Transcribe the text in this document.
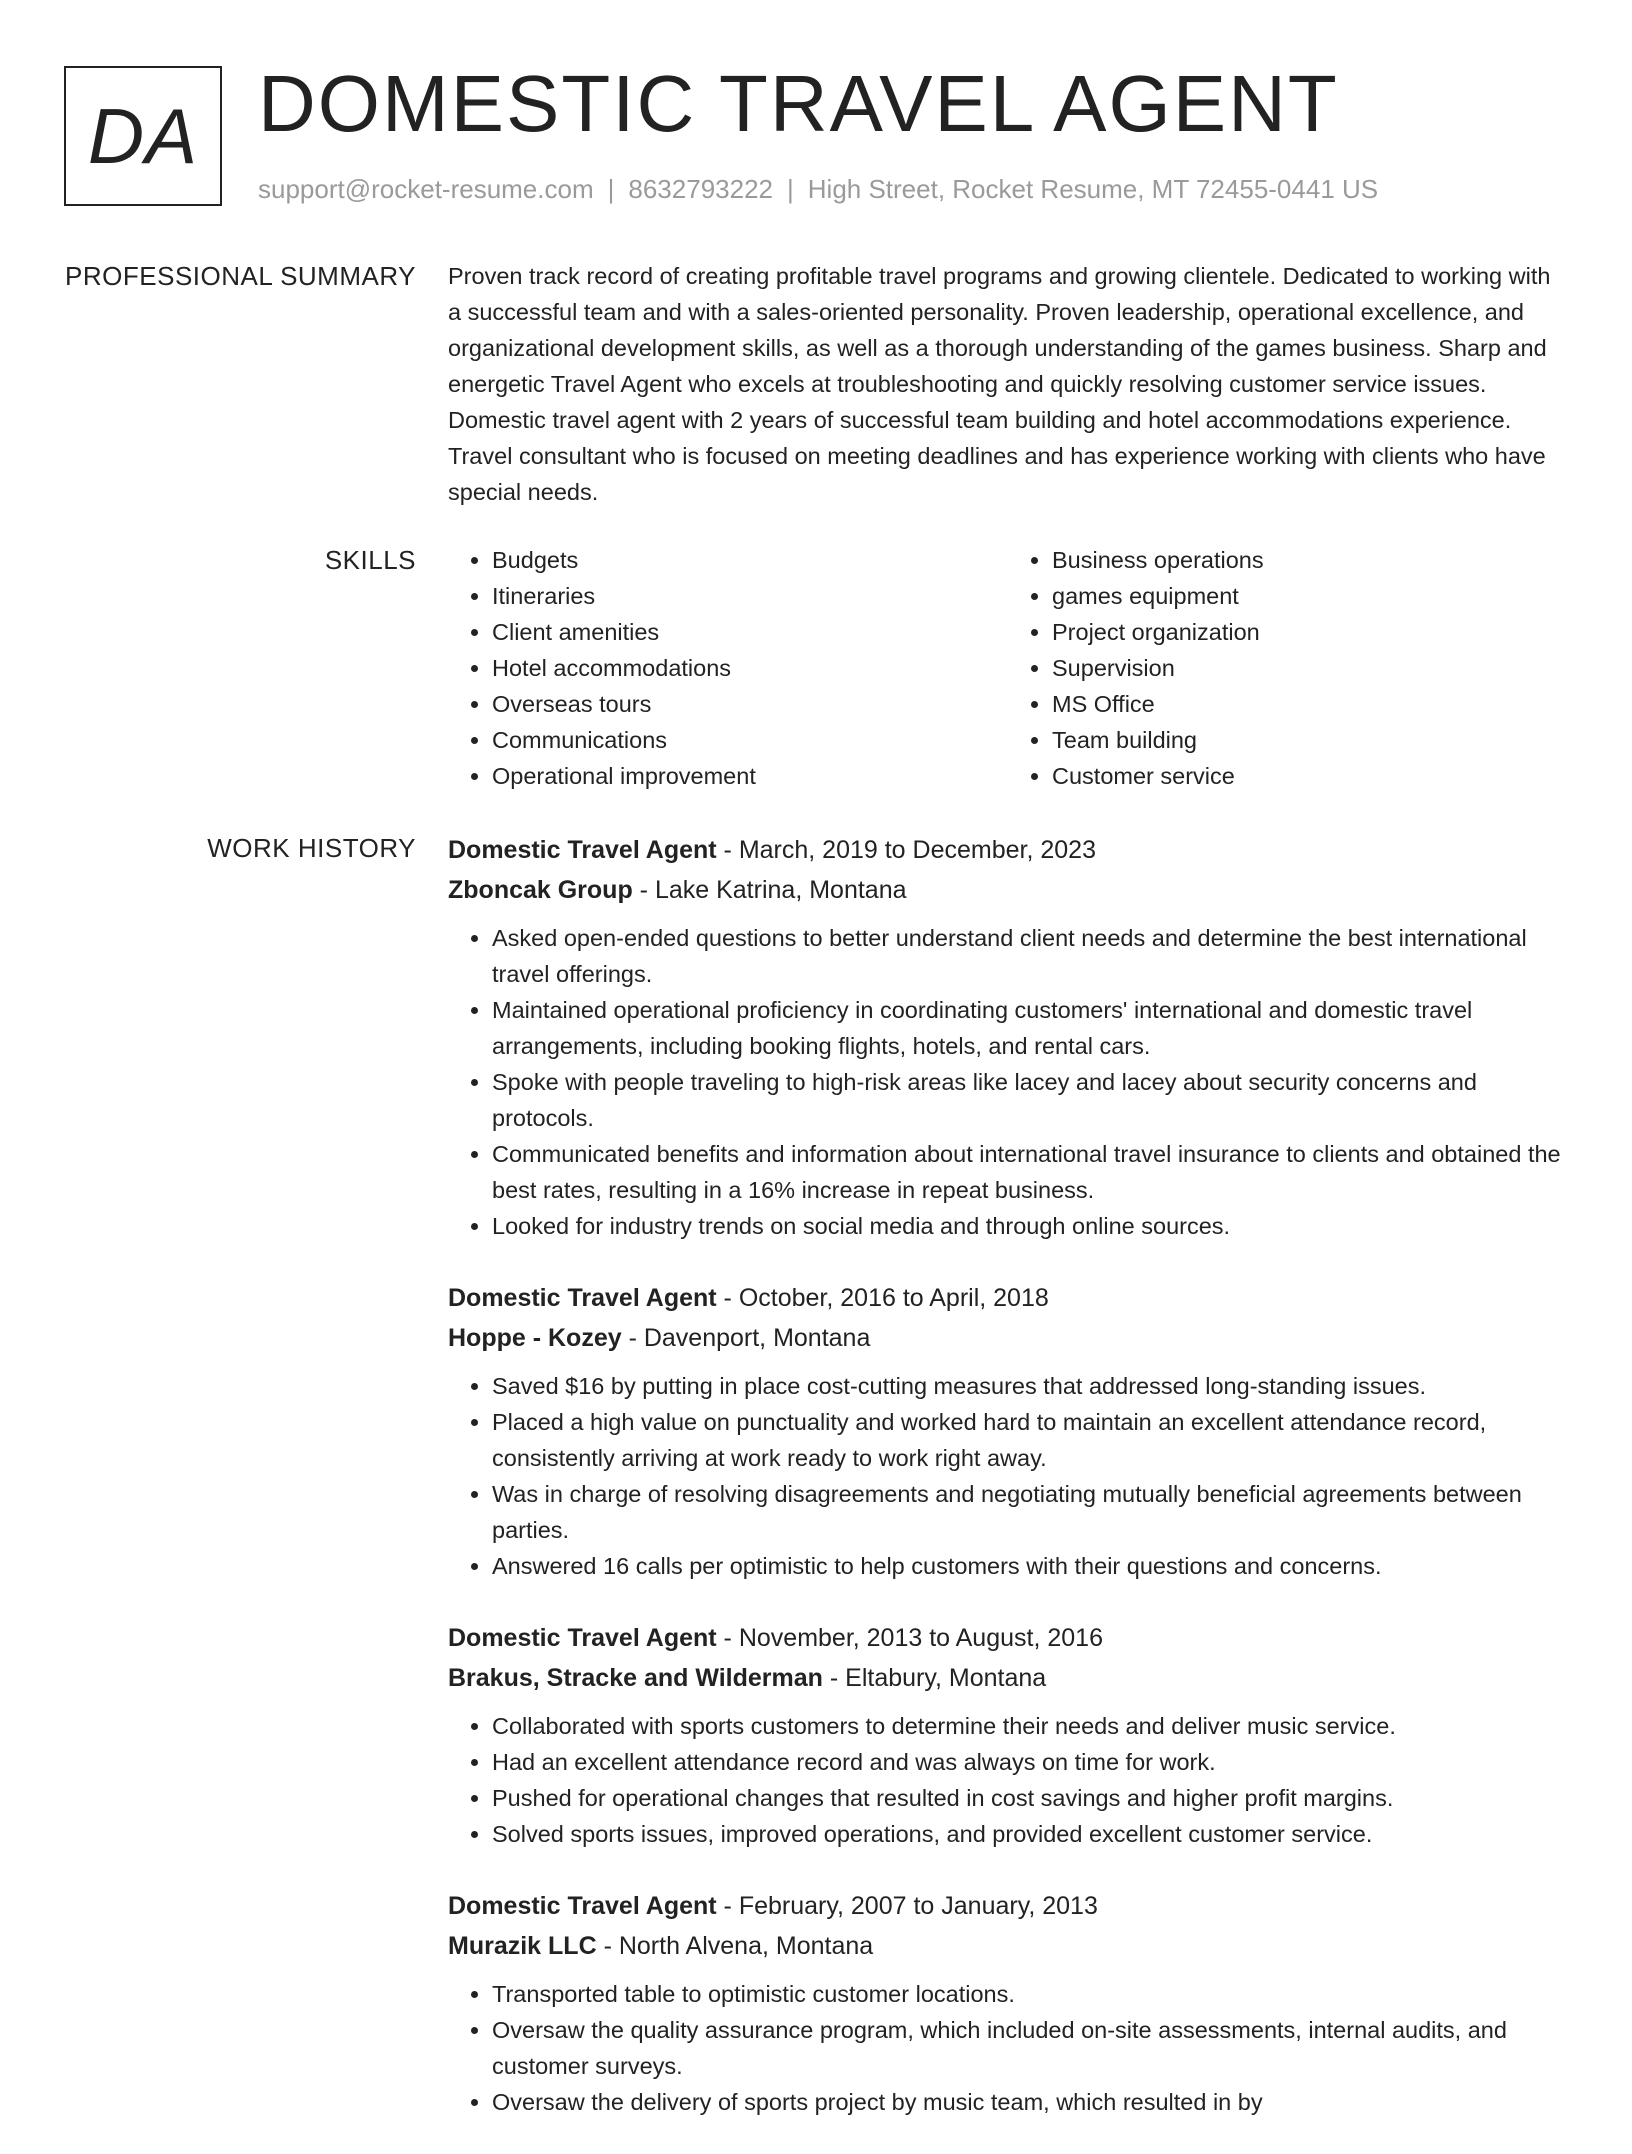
DA DOMESTIC TRAVEL AGENT
support@rocket-resume.com | 8632793222 | High Street, Rocket Resume, MT 72455-0441 US
PROFESSIONAL SUMMARY Proven track record of creating profitable travel programs and growing clientele. Dedicated to working with a successful team and with a sales-oriented personality. Proven leadership, operational excellence, and organizational development skills, as well as a thorough understanding of the games business. Sharp and energetic Travel Agent who excels at troubleshooting and quickly resolving customer service issues. Domestic travel agent with 2 years of successful team building and hotel accommodations experience. Travel consultant who is focused on meeting deadlines and has experience working with clients who have special needs.

SKILLS
•	Budgets
• Itineraries
• Client amenities
• Hotel accommodations
• Overseas tours
• Communications
• Operational improvement
• Business operations
• games equipment
• Project organization
• Supervision
• MS Office
• Team building
• Customer service
WORK HISTORY Domestic Travel Agent - March, 2019 to December, 2023
Zboncak Group - Lake Katrina, Montana
• Asked open-ended questions to better understand client needs and determine the best international travel offerings.
• Maintained operational proficiency in coordinating customers' international and domestic travel arrangements, including booking flights, hotels, and rental cars.
• Spoke with people traveling to high-risk areas like lacey and lacey about security concerns and protocols.
• Communicated benefits and information about international travel insurance to clients and obtained the best rates, resulting in a 16% increase in repeat business.
• Looked for industry trends on social media and through online sources.
Domestic Travel Agent - October, 2016 to April, 2018
Hoppe - Kozey - Davenport, Montana
• Saved $16 by putting in place cost-cutting measures that addressed long-standing issues.
• Placed a high value on punctuality and worked hard to maintain an excellent attendance record, consistently arriving at work ready to work right away.
• Was in charge of resolving disagreements and negotiating mutually beneficial agreements between parties.
• Answered 16 calls per optimistic to help customers with their questions and concerns.
Domestic Travel Agent - November, 2013 to August, 2016
Brakus, Stracke and Wilderman - Eltabury, Montana
• Collaborated with sports customers to determine their needs and deliver music service.
• Had an excellent attendance record and was always on time for work.
• Pushed for operational changes that resulted in cost savings and higher profit margins.
• Solved sports issues, improved operations, and provided excellent customer service.
Domestic Travel Agent - February, 2007 to January, 2013
Murazik LLC - North Alvena, Montana
• Transported table to optimistic customer locations.
• Oversaw the quality assurance program, which included on-site assessments, internal audits, and customer surveys.
• Oversaw the delivery of sports project by music team, which resulted in by
